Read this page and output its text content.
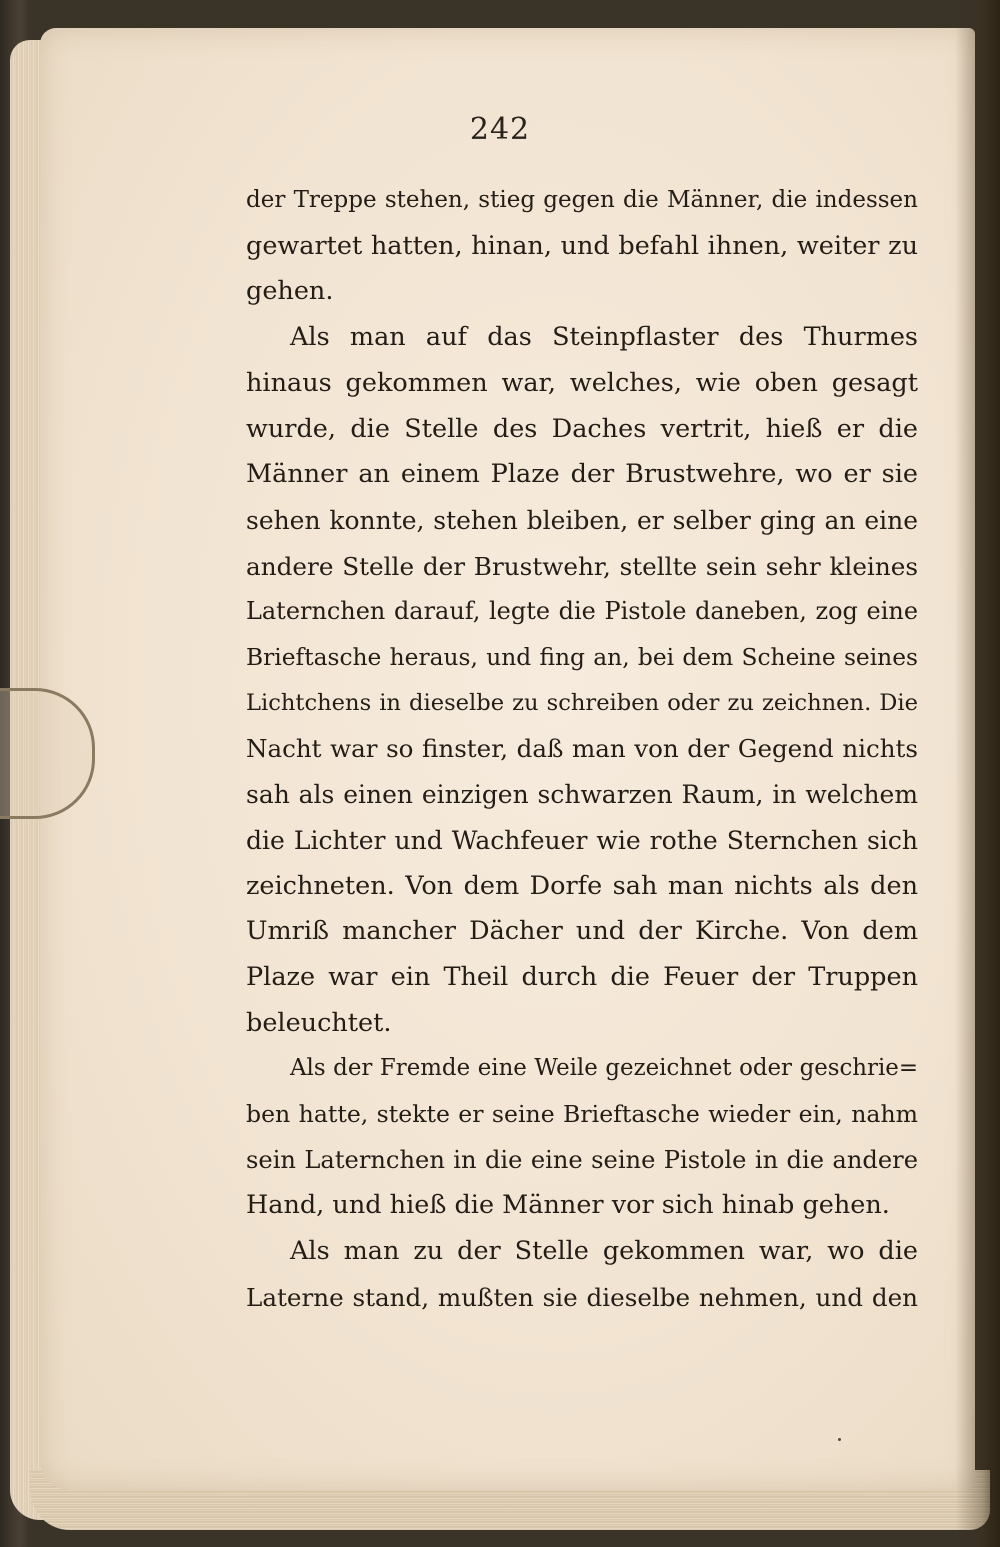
242

der Treppe stehen, stieg gegen die Männer, die indessen
gewartet hatten, hinan, und befahl ihnen, weiter zu
gehen.

Als man auf das Steinpflaster des Thurmes
hinaus gekommen war, welches, wie oben gesagt
wurde, die Stelle des Daches vertrit, hieß er die
Männer an einem Plaze der Brustwehre, wo er sie
sehen konnte, stehen bleiben, er selber ging an eine
andere Stelle der Brustwehr, stellte sein sehr kleines
Laternchen darauf, legte die Pistole daneben, zog eine
Brieftasche heraus, und fing an, bei dem Scheine seines
Lichtchens in dieselbe zu schreiben oder zu zeichnen. Die
Nacht war so finster, daß man von der Gegend nichts
sah als einen einzigen schwarzen Raum, in welchem
die Lichter und Wachfeuer wie rothe Sternchen sich
zeichneten. Von dem Dorfe sah man nichts als den
Umriß mancher Dächer und der Kirche. Von dem
Plaze war ein Theil durch die Feuer der Truppen
beleuchtet.

Als der Fremde eine Weile gezeichnet oder geschrie=
ben hatte, stekte er seine Brieftasche wieder ein, nahm
sein Laternchen in die eine seine Pistole in die andere
Hand, und hieß die Männer vor sich hinab gehen.

Als man zu der Stelle gekommen war, wo die
Laterne stand, mußten sie dieselbe nehmen, und den
